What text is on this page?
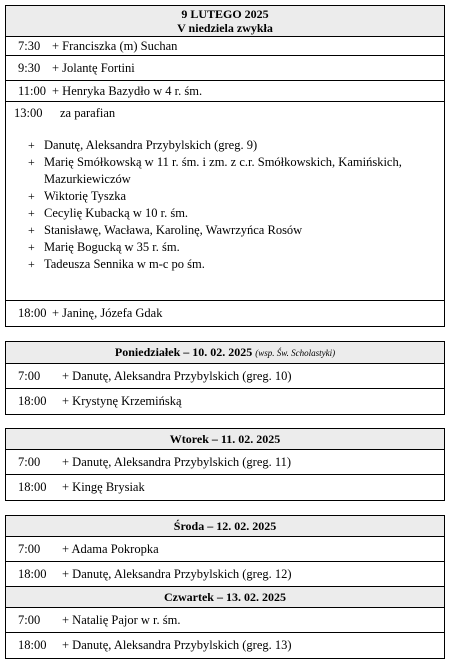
9 LUTEGO 2025
V niedziela zwykła
7:30 + Franciszka (m) Suchan
9:30 + Jolantę Fortini
11:00 + Henryka Bazydło w 4 r. śm.
13:00	za parafian
+ Danutę, Aleksandra Przybylskich (greg. 9)
+ Marię Smółkowską w 11 r. śm. i zm. z c.r. Smółkowskich, Kamińskich,
Mazurkiewiczów
+ Wiktorię Tyszka
+ Cecylię Kubacką w 10 r. śm.
+ Stanisławę, Wacława, Karolinę, Wawrzyńca Rosów
+ Marię Bogucką w 35 r. śm.
+ Tadeusza Sennika w m-c po śm.
18:00 + Janinę, Józefa Gdak
Poniedziałek – 10. 02. 2025 (wsp. Św. Scholastyki)
7:00	+ Danutę, Aleksandra Przybylskich (greg. 10)
18:00	+ Krystynę Krzemińską
Wtorek – 11. 02. 2025
7:00	+ Danutę, Aleksandra Przybylskich (greg. 11)
18:00	+ Kingę Brysiak
Środa – 12. 02. 2025
7:00	+ Adama Pokropka
18:00	+ Danutę, Aleksandra Przybylskich (greg. 12)
Czwartek – 13. 02. 2025
7:00	+ Natalię Pajor w r. śm.
18:00	+ Danutę, Aleksandra Przybylskich (greg. 13)
